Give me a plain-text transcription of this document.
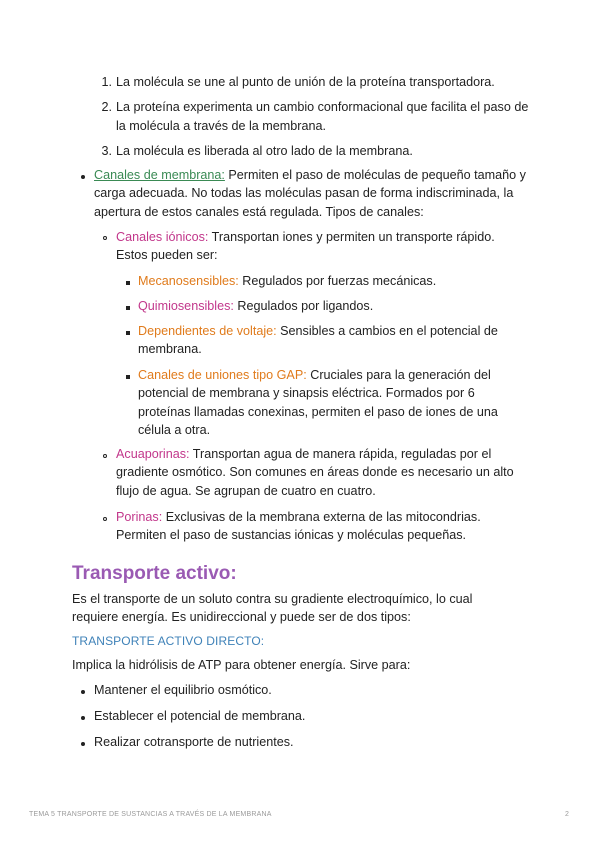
1. La molécula se une al punto de unión de la proteína transportadora.
2. La proteína experimenta un cambio conformacional que facilita el paso de la molécula a través de la membrana.
3. La molécula es liberada al otro lado de la membrana.
Canales de membrana: Permiten el paso de moléculas de pequeño tamaño y carga adecuada. No todas las moléculas pasan de forma indiscriminada, la apertura de estos canales está regulada. Tipos de canales:
Canales iónicos: Transportan iones y permiten un transporte rápido. Estos pueden ser:
Mecanosensibles: Regulados por fuerzas mecánicas.
Quimiosensibles: Regulados por ligandos.
Dependientes de voltaje: Sensibles a cambios en el potencial de membrana.
Canales de uniones tipo GAP: Cruciales para la generación del potencial de membrana y sinapsis eléctrica. Formados por 6 proteínas llamadas conexinas, permiten el paso de iones de una célula a otra.
Acuaporinas: Transportan agua de manera rápida, reguladas por el gradiente osmótico. Son comunes en áreas donde es necesario un alto flujo de agua. Se agrupan de cuatro en cuatro.
Porinas: Exclusivas de la membrana externa de las mitocondrias. Permiten el paso de sustancias iónicas y moléculas pequeñas.
Transporte activo:
Es el transporte de un soluto contra su gradiente electroquímico, lo cual requiere energía. Es unidireccional y puede ser de dos tipos:
TRANSPORTE ACTIVO DIRECTO:
Implica la hidrólisis de ATP para obtener energía. Sirve para:
Mantener el equilibrio osmótico.
Establecer el potencial de membrana.
Realizar cotransporte de nutrientes.
TEMA 5 TRANSPORTE DE SUSTANCIAS A TRAVÉS DE LA MEMBRANA	2
